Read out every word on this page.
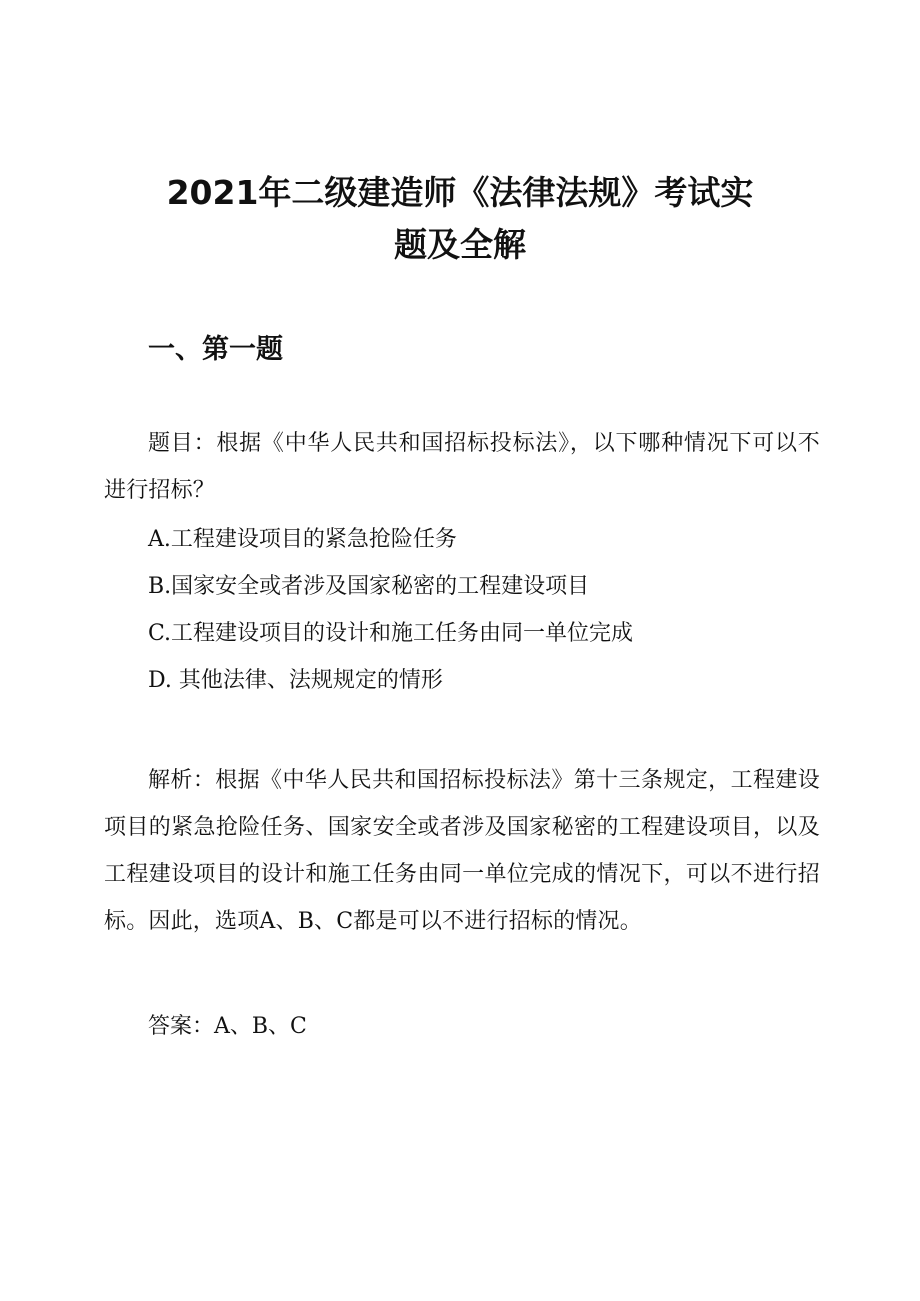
2021年二级建造师《法律法规》考试实
题及全解
一、第一题

题目：根据《中华人民共和国招标投标法》，以下哪种情况下可以不进行招标？

A.工程建设项目的紧急抢险任务

B.国家安全或者涉及国家秘密的工程建设项目

C.工程建设项目的设计和施工任务由同一单位完成

D. 其他法律、法规规定的情形

解析：根据《中华人民共和国招标投标法》第十三条规定，工程建设项目的紧急抢险任务、国家安全或者涉及国家秘密的工程建设项目，以及工程建设项目的设计和施工任务由同一单位完成的情况下，可以不进行招标。因此，选项A、B、C都是可以不进行招标的情况。

答案：A、B、C
